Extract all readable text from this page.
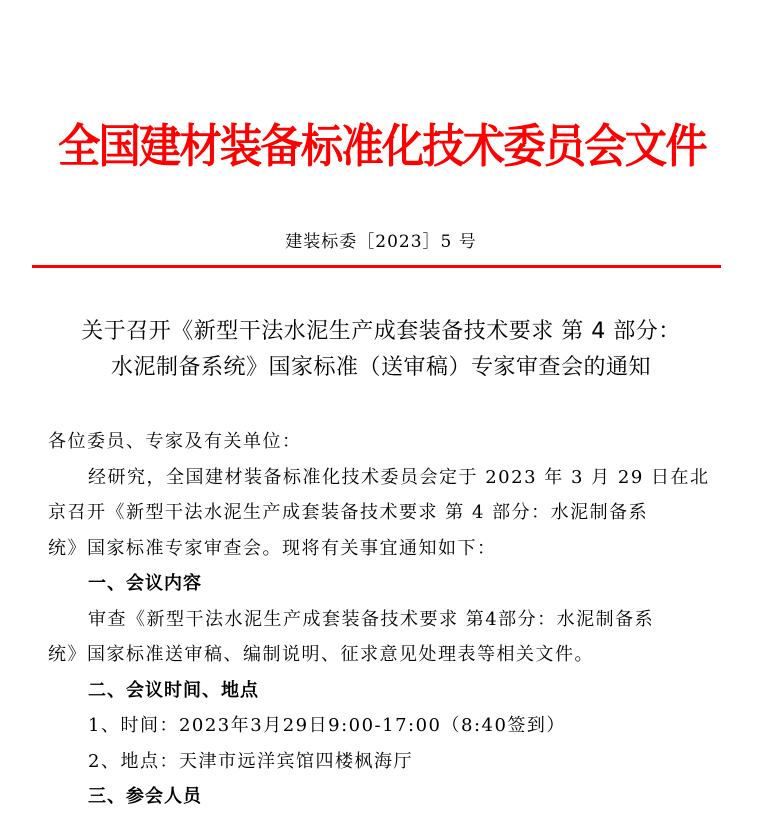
全国建材装备标准化技术委员会文件
建装标委［2023］5 号
关于召开《新型干法水泥生产成套装备技术要求 第 4 部分：
水泥制备系统》国家标准（送审稿）专家审查会的通知
各位委员、专家及有关单位：
经研究，全国建材装备标准化技术委员会定于 2023 年 3 月 29 日在北
京召开《新型干法水泥生产成套装备技术要求 第 4 部分：水泥制备系
统》国家标准专家审查会。现将有关事宜通知如下：
一、会议内容
审查《新型干法水泥生产成套装备技术要求 第4部分：水泥制备系
统》国家标准送审稿、编制说明、征求意见处理表等相关文件。
二、会议时间、地点
1、时间：2023年3月29日9:00-17:00（8:40签到）
2、地点：天津市远洋宾馆四楼枫海厅
三、参会人员
